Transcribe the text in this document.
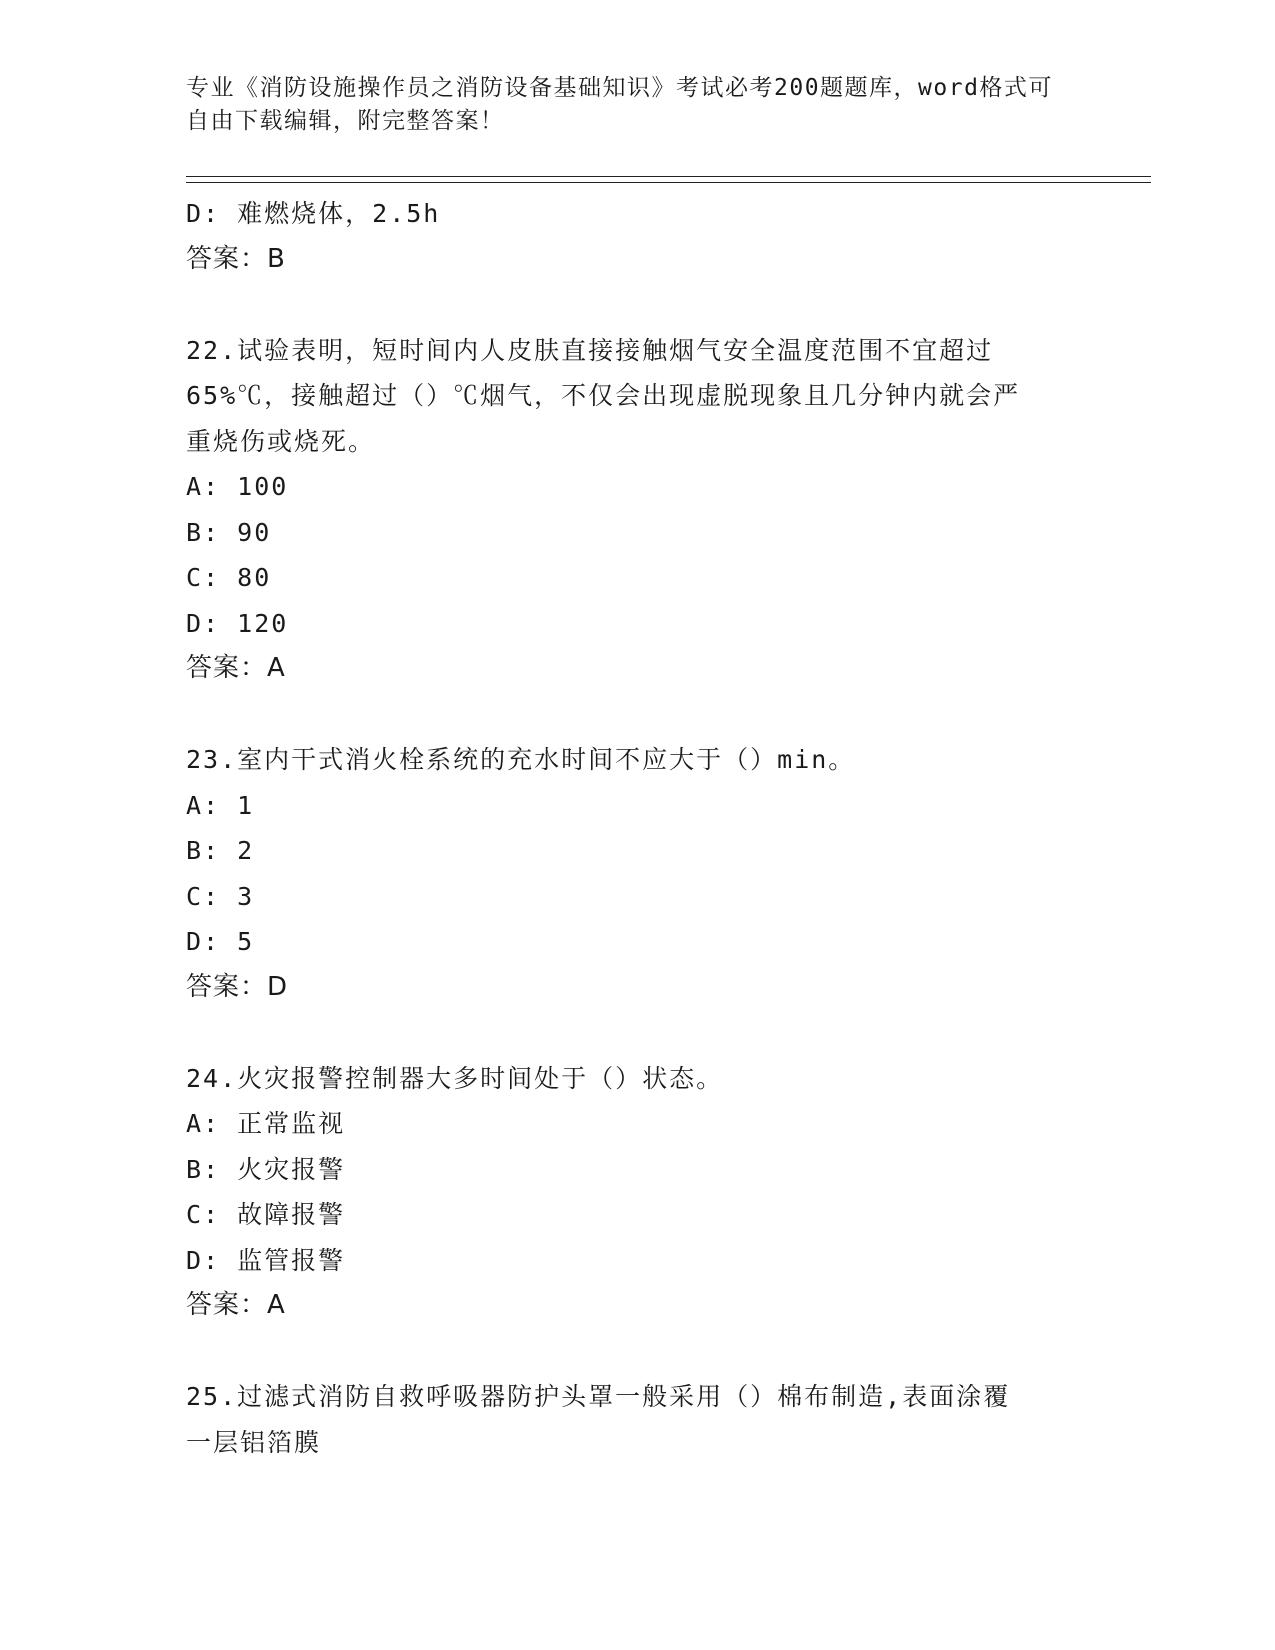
专业《消防设施操作员之消防设备基础知识》考试必考200题题库，word格式可
自由下载编辑，附完整答案！
D: 难燃烧体，2.5h
答案：B
22.试验表明，短时间内人皮肤直接接触烟气安全温度范围不宜超过
65%℃，接触超过（）℃烟气，不仅会出现虚脱现象且几分钟内就会严
重烧伤或烧死。
A: 100
B: 90
C: 80
D: 120
答案：A
23.室内干式消火栓系统的充水时间不应大于（）min。
A: 1
B: 2
C: 3
D: 5
答案：D
24.火灾报警控制器大多时间处于（）状态。
A: 正常监视
B: 火灾报警
C: 故障报警
D: 监管报警
答案：A
25.过滤式消防自救呼吸器防护头罩一般采用（）棉布制造,表面涂覆
一层铝箔膜
